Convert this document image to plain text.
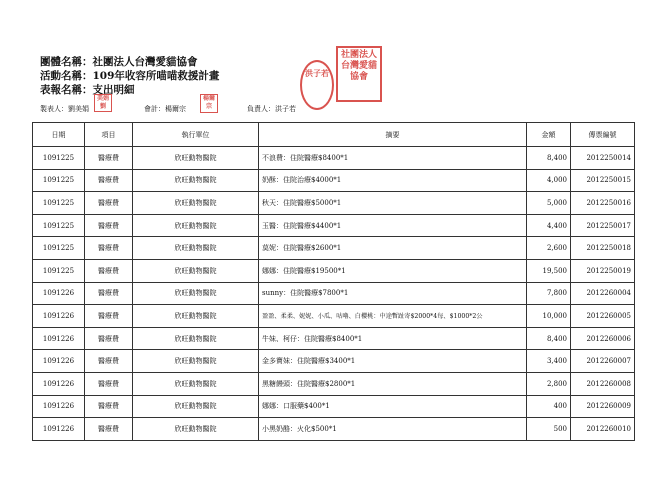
團體名稱：社團法人台灣愛貓協會
活動名稱：109年收容所喵喵救援計畫
表報名稱：支出明細
製表人：劉美娟	會計：楊爾宗	負責人：洪子若
美娟劉
楊爾宗
洪子若
社團法人台灣愛貓協會
日期	項目	執行單位	摘要	金額	傳票編號
1091225	醫療費	欣旺動物醫院	不浪費：住院醫療$8400*1	8,400	2012250014
1091225	醫療費	欣旺動物醫院	奶酥：住院治療$4000*1	4,000	2012250015
1091225	醫療費	欣旺動物醫院	秋天：住院醫療$5000*1	5,000	2012250016
1091225	醫療費	欣旺動物醫院	玉醫：住院醫療$4400*1	4,400	2012250017
1091225	醫療費	欣旺動物醫院	莫妮：住院醫療$2600*1	2,600	2012250018
1091225	醫療費	欣旺動物醫院	娜娜：住院醫療$19500*1	19,500	2012250019
1091226	醫療費	欣旺動物醫院	sunny：住院醫療$7800*1	7,800	2012260004
1091226	醫療費	欣旺動物醫院	盈盈、柔柔、妮妮、小瓜、咕嚕、白櫻桃：中途暫趾寄$2000*4每、$1000*2公	10,000	2012260005
1091226	醫療費	欣旺動物醫院	牛妹、柯仔：住院醫療$8400*1	8,400	2012260006
1091226	醫療費	欣旺動物醫院	金多寶妹：住院醫療$3400*1	3,400	2012260007
1091226	醫療費	欣旺動物醫院	黑糖饅頭：住院醫療$2800*1	2,800	2012260008
1091226	醫療費	欣旺動物醫院	娜娜：口服藥$400*1	400	2012260009
1091226	醫療費	欣旺動物醫院	小黑奶酪：火化$500*1	500	2012260010
